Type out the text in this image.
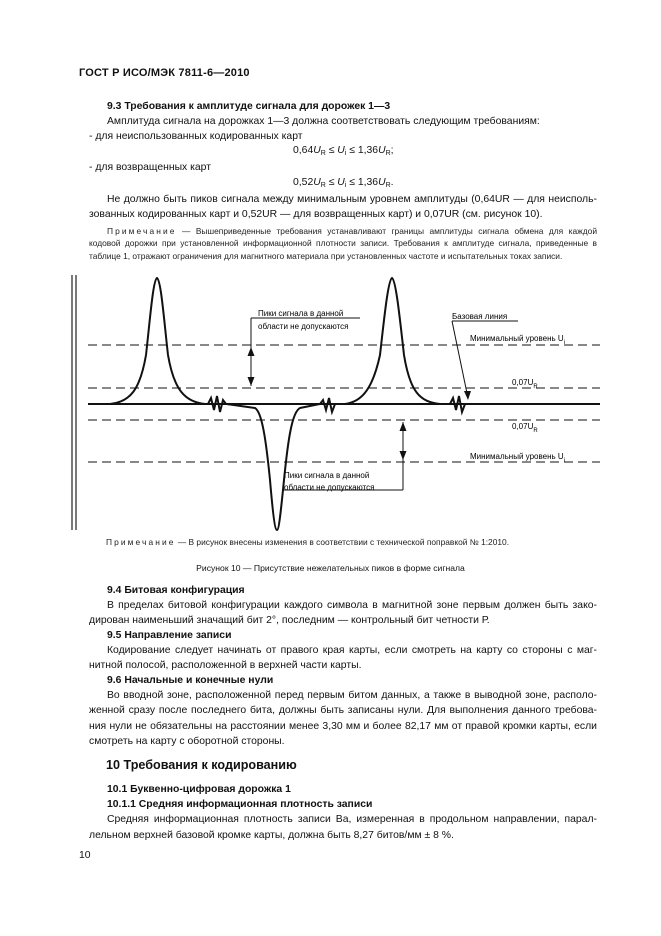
ГОСТ Р ИСО/МЭК 7811-6—2010
9.3 Требования к амплитуде сигнала для дорожек 1—3
Амплитуда сигнала на дорожках 1—3 должна соответствовать следующим требованиям:
- для неиспользованных кодированных карт
$0,64U_R \le U_i \le 1,36U_R$;
- для возвращенных карт
$0,52U_R \le U_i \le 1,36U_R$.
Не должно быть пиков сигнала между минимальным уровнем амплитуды (0,64UR — для неиспользованных кодированных карт и 0,52UR — для возвращенных карт) и 0,07UR (см. рисунок 10).
Примечание — Вышеприведенные требования устанавливают границы амплитуды сигнала обмена для каждой кодовой дорожки при установленной информационной плотности записи. Требования к амплитуде сигнала, приведенные в таблице 1, отражают ограничения для магнитного материала при установленных частоте и испытательных токах записи.
Пики сигнала в данной
области не допускаются
Пики сигнала в данной
области не допускаются
Базовая линия
Минимальный уровень $U_i$
$0,07U_R$
$0,07U_R$
Минимальный уровень $U_i$
Примечание — В рисунок внесены изменения в соответствии с технической поправкой № 1:2010.
Рисунок 10 — Присутствие нежелательных пиков в форме сигнала
9.4 Битовая конфигурация
В пределах битовой конфигурации каждого символа в магнитной зоне первым должен быть закодирован наименьший значащий бит 2°, последним — контрольный бит четности Р.
9.5 Направление записи
Кодирование следует начинать от правого края карты, если смотреть на карту со стороны с магнитной полосой, расположенной в верхней части карты.
9.6 Начальные и конечные нули
Во вводной зоне, расположенной перед первым битом данных, а также в выводной зоне, расположенной сразу после последнего бита, должны быть записаны нули. Для выполнения данного требования нули не обязательны на расстоянии менее 3,30 мм и более 82,17 мм от правой кромки карты, если смотреть на карту с оборотной стороны.
10 Требования к кодированию
10.1 Буквенно-цифровая дорожка 1
10.1.1 Средняя информационная плотность записи
Средняя информационная плотность записи Ba, измеренная в продольном направлении, параллельном верхней базовой кромке карты, должна быть 8,27 битов/мм ± 8 %.
10
